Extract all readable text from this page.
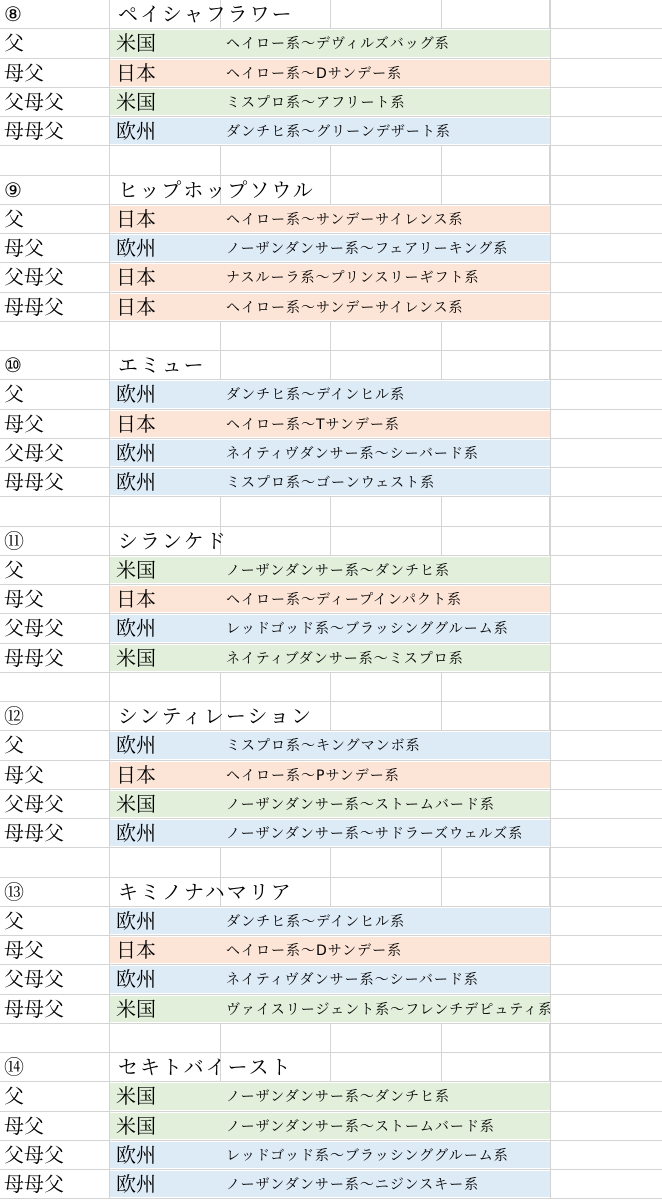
⑧	ペイシャフラワー
父	米国	ヘイロー系〜デヴィルズバッグ系
母父	日本	ヘイロー系〜Dサンデー系
父母父	米国	ミスプロ系〜アフリート系
母母父	欧州	ダンチヒ系〜グリーンデザート系
⑨	ヒップホップソウル
父	日本	ヘイロー系〜サンデーサイレンス系
母父	欧州	ノーザンダンサー系〜フェアリーキング系
父母父	日本	ナスルーラ系〜プリンスリーギフト系
母母父	日本	ヘイロー系〜サンデーサイレンス系
⑩	エミュー
父	欧州	ダンチヒ系〜デインヒル系
母父	日本	ヘイロー系〜Tサンデー系
父母父	欧州	ネイティヴダンサー系〜シーバード系
母母父	欧州	ミスプロ系〜ゴーンウェスト系
⑪	シランケド
父	米国	ノーザンダンサー系〜ダンチヒ系
母父	日本	ヘイロー系〜ディープインパクト系
父母父	欧州	レッドゴッド系〜ブラッシンググルーム系
母母父	米国	ネイティブダンサー系〜ミスプロ系
⑫	シンティレーション
父	欧州	ミスプロ系〜キングマンボ系
母父	日本	ヘイロー系〜Pサンデー系
父母父	米国	ノーザンダンサー系〜ストームバード系
母母父	欧州	ノーザンダンサー系〜サドラーズウェルズ系
⑬	キミノナハマリア
父	欧州	ダンチヒ系〜デインヒル系
母父	日本	ヘイロー系〜Dサンデー系
父母父	欧州	ネイティヴダンサー系〜シーバード系
母母父	米国	ヴァイスリージェント系〜フレンチデピュティ系
⑭	セキトバイースト
父	米国	ノーザンダンサー系〜ダンチヒ系
母父	米国	ノーザンダンサー系〜ストームバード系
父母父	欧州	レッドゴッド系〜ブラッシンググルーム系
母母父	欧州	ノーザンダンサー系〜ニジンスキー系
